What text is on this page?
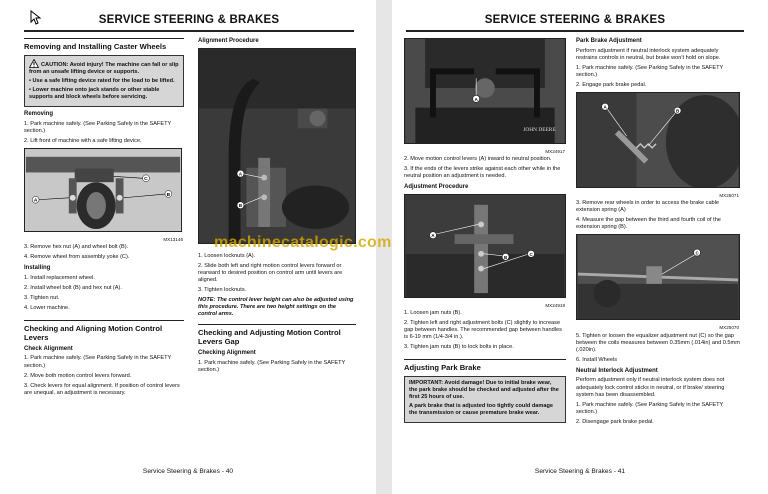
SERVICE STEERING & BRAKES
Removing and Installing Caster Wheels

CAUTION: Avoid injury! The machine can fall or slip from an unsafe lifting device or supports.

• Use a safe lifting device rated for the load to be lifted.

• Lower machine onto jack stands or other stable supports and block wheels before servicing.

Removing

1. Park machine safely. (See Parking Safely in the SAFETY section.)

2. Lift front of machine with a safe lifting device.

A
B
C
MX13146

3. Remove hex nut (A) and wheel bolt (B).

4. Remove wheel from assembly yoke (C).

Installing

1. Install replacement wheel.

2. Install wheel bolt (B) and hex nut (A).

3. Tighten nut.

4. Lower machine.

Checking and Aligning Motion Control Levers
Check Alignment

1. Park machine safely. (See Parking Safely in the SAFETY section.)

2. Move both motion control levers forward.

3. Check levers for equal alignment. If position of control levers are unequal, an adjustment is necessary.

Alignment Procedure
A
B

1. Loosen locknuts (A).

2. Slide both left and right motion control levers forward or rearward to desired position on control arm until levers are aligned.

3. Tighten locknuts.

NOTE: The control lever height can also be adjusted using this procedure. There are two height settings on the control arms.

Checking and Adjusting Motion Control Levers Gap
Checking Alignment

1. Park machine safely. (See Parking Safely in the SAFETY section.)

Service Steering & Brakes - 40
SERVICE STEERING & BRAKES
JOHN DEERE
A
MX24917

2. Move motion control levers (A) inward to neutral position.

3. If the ends of the levers strike against each other while in the neutral position an adjustment is needed.

Adjustment Procedure
A
B
C
MX24918

1. Loosen jam nuts (B).

2. Tighten left and right adjustment bolts (C) slightly to increase gap between handles. The recommended gap between handles is 6-19 mm (1/4-3/4 in.).

3. Tighten jam nuts (B) to lock bolts in place.

Adjusting Park Brake

IMPORTANT: Avoid damage! Due to initial brake wear, the park brake should be checked and adjusted after the first 25 hours of use.

A park brake that is adjusted too tightly could damage the transmission or cause premature brake wear.

Park Brake Adjustment

Perform adjustment if neutral interlock system adequately restrains controls in neutral, but brake won't hold on slope.

1. Park machine safely. (See Parking Safely in the SAFETY section.)

2. Engage park brake pedal.

A
B
MX25071

3. Remove rear wheels in order to access the brake cable extension spring (A)

4. Measure the gap between the third and fourth coil of the extension spring (B).

C
MX25070

5. Tighten or loosen the equalizer adjustment nut (C) so the gap between the coils measures between 0.35mm (.014in) and 0.5mm (.020in).

6. Install Wheels

Neutral Interlock Adjustment

Perform adjustment only if neutral interlock system does not adequately lock control sticks in neutral, or if brake/ steering system has been disassembled.

1. Park machine safely. (See Parking Safely in the SAFETY section.)

2. Disengage park brake pedal.

Service Steering & Brakes - 41
machinecatalogic.com
